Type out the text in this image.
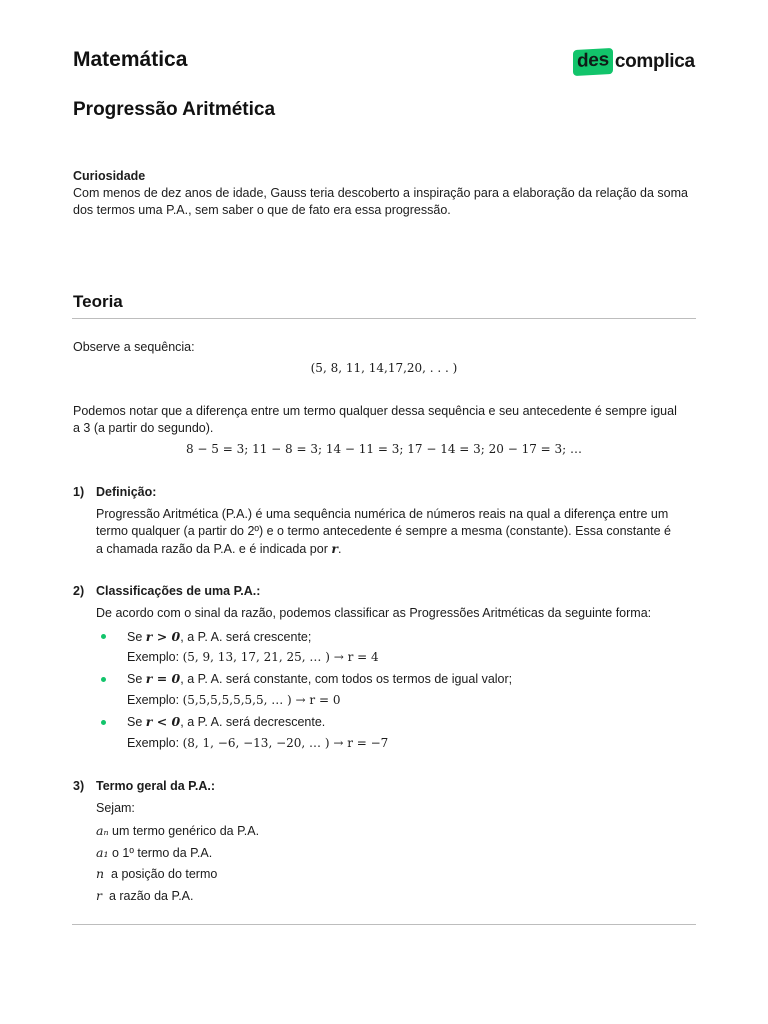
Matemática	des complica
Progressão Aritmética
Curiosidade
Com menos de dez anos de idade, Gauss teria descoberto a inspiração para a elaboração da relação da soma
dos termos uma P.A., sem saber o que de fato era essa progressão.
Teoria
Observe a sequência:
(5, 8, 11, 14,17,20, . . . )
Podemos notar que a diferença entre um termo qualquer dessa sequência e seu antecedente é sempre igual
a 3 (a partir do segundo).
8 − 5 = 3; 11 − 8 = 3; 14 − 11 = 3; 17 − 14 = 3; 20 − 17 = 3; …
1) Definição:
Progressão Aritmética (P.A.) é uma sequência numérica de números reais na qual a diferença entre um
termo qualquer (a partir do 2º) e o termo antecedente é sempre a mesma (constante). Essa constante é
a chamada razão da P.A. e é indicada por r.
2) Classificações de uma P.A.:
De acordo com o sinal da razão, podemos classificar as Progressões Aritméticas da seguinte forma:
Se r > 0, a P. A. será crescente;
Exemplo: (5, 9, 13, 17, 21, 25, … ) → r = 4
Se r = 0, a P. A. será constante, com todos os termos de igual valor;
Exemplo: (5,5,5,5,5,5,5, … ) → r = 0
Se r < 0, a P. A. será decrescente.
Exemplo: (8, 1, −6, −13, −20, … ) → r = −7
3) Termo geral da P.A.:
Sejam:
aₙ um termo genérico da P.A.
a₁ o 1º termo da P.A.
n a posição do termo
r a razão da P.A.
